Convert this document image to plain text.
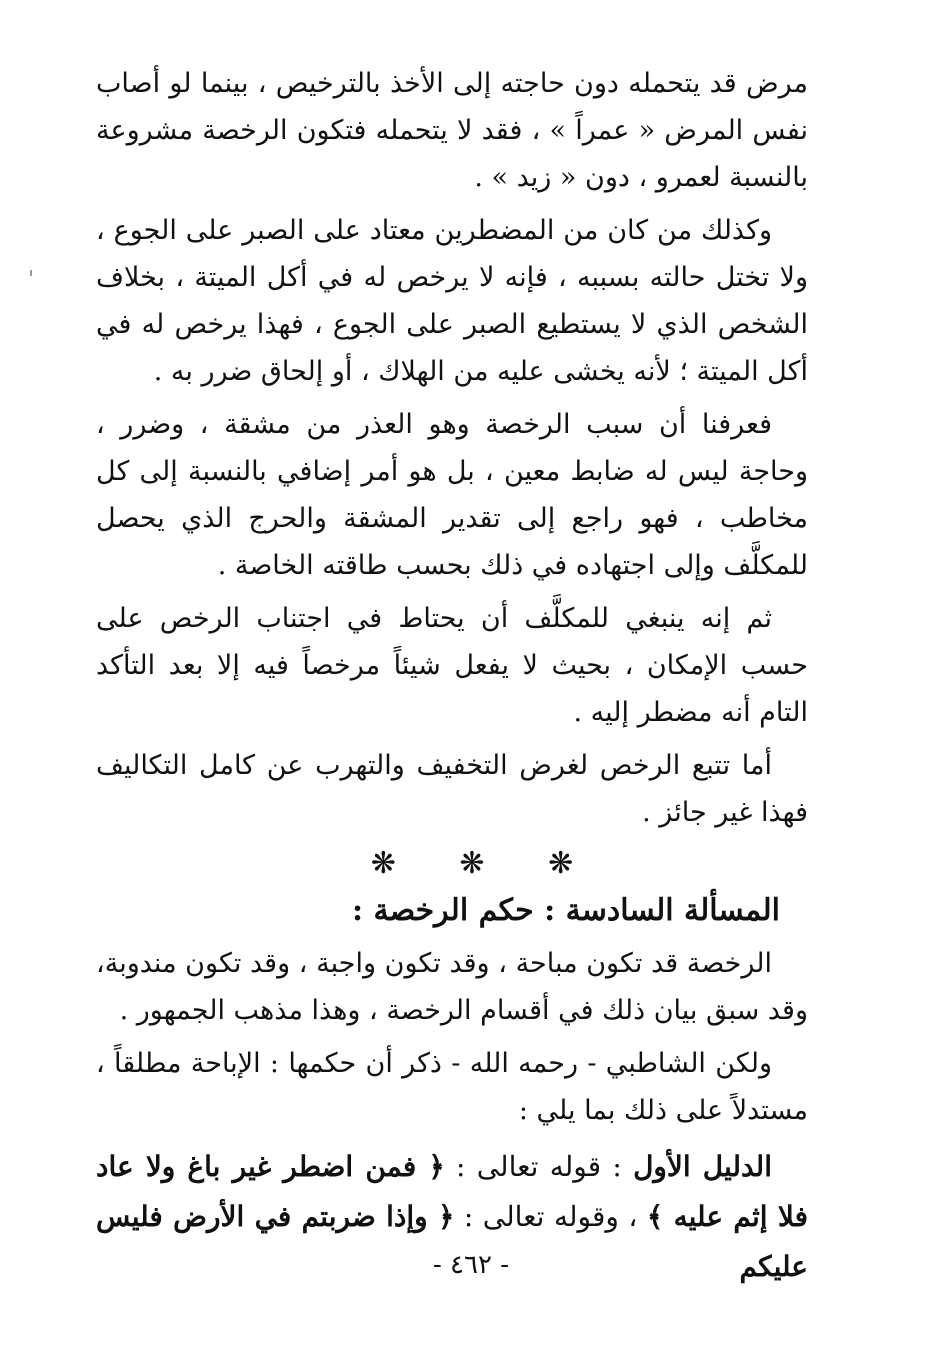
مرض قد يتحمله دون حاجته إلى الأخذ بالترخيص ، بينما لو أصاب نفس المرض « عمراً » ، فقد لا يتحمله فتكون الرخصة مشروعة بالنسبة لعمرو ، دون « زيد » .

وكذلك من كان من المضطرين معتاد على الصبر على الجوع ، ولا تختل حالته بسببه ، فإنه لا يرخص له في أكل الميتة ، بخلاف الشخص الذي لا يستطيع الصبر على الجوع ، فهذا يرخص له في أكل الميتة ؛ لأنه يخشى عليه من الهلاك ، أو إلحاق ضرر به .

فعرفنا أن سبب الرخصة وهو العذر من مشقة ، وضرر ، وحاجة ليس له ضابط معين ، بل هو أمر إضافي بالنسبة إلى كل مخاطب ، فهو راجع إلى تقدير المشقة والحرج الذي يحصل للمكلَّف وإلى اجتهاده في ذلك بحسب طاقته الخاصة .

ثم إنه ينبغي للمكلَّف أن يحتاط في اجتناب الرخص على حسب الإمكان ، بحيث لا يفعل شيئاً مرخصاً فيه إلا بعد التأكد التام أنه مضطر إليه .

أما تتبع الرخص لغرض التخفيف والتهرب عن كامل التكاليف فهذا غير جائز .

❋ ❋ ❋

المسألة السادسة : حكم الرخصة :

الرخصة قد تكون مباحة ، وقد تكون واجبة ، وقد تكون مندوبة، وقد سبق بيان ذلك في أقسام الرخصة ، وهذا مذهب الجمهور .

ولكن الشاطبي - رحمه الله - ذكر أن حكمها : الإباحة مطلقاً ، مستدلاً على ذلك بما يلي :

الدليل الأول : قوله تعالى : ﴿ فمن اضطر غير باغ ولا عاد فلا إثم عليه ﴾ ، وقوله تعالى : ﴿ وإذا ضربتم في الأرض فليس عليكم

- ٤٦٢ -
